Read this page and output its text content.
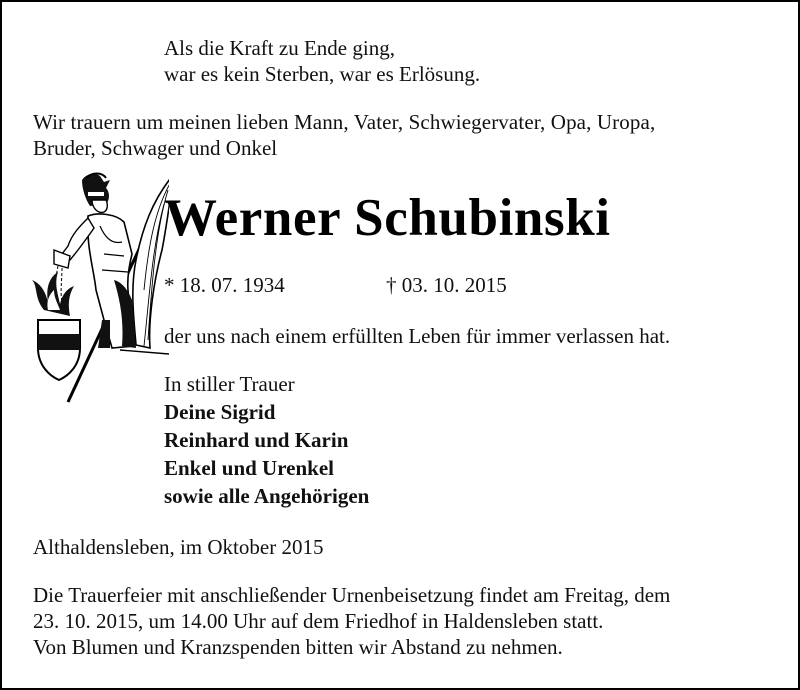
Als die Kraft zu Ende ging,
war es kein Sterben, war es Erlösung.
Wir trauern um meinen lieben Mann, Vater, Schwiegervater, Opa, Uropa,
Bruder, Schwager und Onkel
Werner Schubinski
* 18. 07. 1934	† 03. 10. 2015
der uns nach einem erfüllten Leben für immer verlassen hat.
In stiller Trauer
Deine Sigrid
Reinhard und Karin
Enkel und Urenkel
sowie alle Angehörigen
Althaldensleben, im Oktober 2015
Die Trauerfeier mit anschließender Urnenbeisetzung findet am Freitag, dem
23. 10. 2015, um 14.00 Uhr auf dem Friedhof in Haldensleben statt.
Von Blumen und Kranzspenden bitten wir Abstand zu nehmen.
